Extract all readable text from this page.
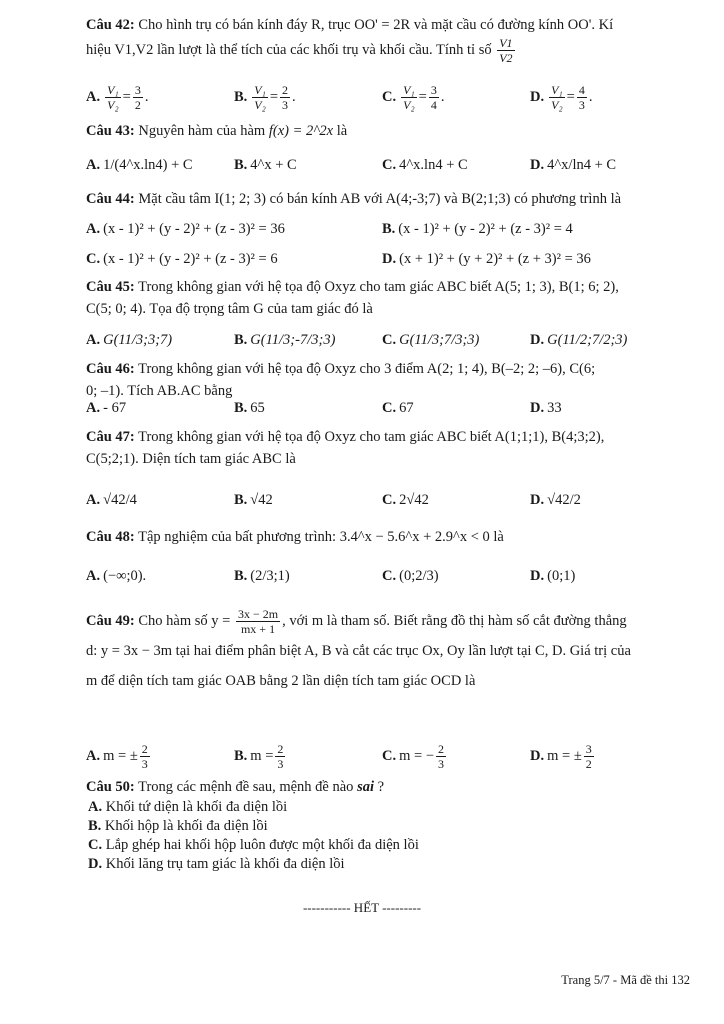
Câu 42: Cho hình trụ có bán kính đáy R, trục OO' = 2R và mặt cầu có đường kính OO'. Kí
hiệu V1,V2 lần lượt là thể tích của các khối trụ và khối cầu. Tính tỉ số $\frac{V1}{V2}$
A. $\frac{\text{V₁}}{\text{V₂}} = \frac{3}{2}$ .	B. $\frac{\text{V₁}}{\text{V₂}} = \frac{2}{3}$ .	C. $\frac{\text{V₁}}{\text{V₂}} = \frac{3}{4}$ .	D. $\frac{\text{V₁}}{\text{V₂}} = \frac{4}{3}$ .
Câu 43: Nguyên hàm của hàm f(x) = 2^2x là
A. 1/(4^x.ln4) + C	B. 4^x + C	C. 4^x.ln4 + C	D. 4^x/ln4 + C
Câu 44: Mặt cầu tâm I(1; 2; 3) có bán kính AB với A(4;-3;7) và B(2;1;3) có phương trình là
A. (x - 1)² + (y - 2)² + (z - 3)² = 36	B. (x - 1)² + (y - 2)² + (z - 3)² = 4
C. (x - 1)² + (y - 2)² + (z - 3)² = 6	D. (x + 1)² + (y + 2)² + (z + 3)² = 36
Câu 45: Trong không gian với hệ tọa độ Oxyz cho tam giác ABC biết A(5; 1; 3), B(1; 6; 2),
C(5; 0; 4). Tọa độ trọng tâm G của tam giác đó là
A. G(11/3;3;7)	B. G(11/3;-7/3;3)	C. G(11/3;7/3;3)	D. G(11/2;7/2;3)
Câu 46: Trong không gian với hệ tọa độ Oxyz cho 3 điểm A(2; 1; 4), B(–2; 2; –6), C(6;
0; –1). Tích AB.AC bằng
A. - 67	B. 65	C. 67	D. 33
Câu 47: Trong không gian với hệ tọa độ Oxyz cho tam giác ABC biết A(1;1;1), B(4;3;2),
C(5;2;1). Diện tích tam giác ABC là
A. √42/4	B. √42	C. 2√42	D. √42/2
Câu 48: Tập nghiệm của bất phương trình: 3.4^x − 5.6^x + 2.9^x < 0 là
A. (−∞;0).	B. (2/3;1)	C. (0;2/3)	D. (0;1)
Câu 49: Cho hàm số $y = \frac{3x - 2m}{mx + 1}$ , với m là tham số. Biết rằng đồ thị hàm số cắt đường thẳng
d: y = 3x − 3m tại hai điểm phân biệt A, B và cắt các trục Ox, Oy lần lượt tại C, D. Giá trị của
m để diện tích tam giác OAB bằng 2 lần diện tích tam giác OCD là
A. m = ± $\frac{2}{3}$	B. $m = \frac{2}{3}$	C. m = − $\frac{2}{3}$	D. m = ± $\frac{3}{2}$
Câu 50: Trong các mệnh đề sau, mệnh đề nào sai ?
A. Khối tứ diện là khối đa diện lồi
B. Khối hộp là khối đa diện lồi
C. Lắp ghép hai khối hộp luôn được một khối đa diện lồi
D. Khối lăng trụ tam giác là khối đa diện lồi
----------- HẾT ---------
Trang 5/7 - Mã đề thi 132
